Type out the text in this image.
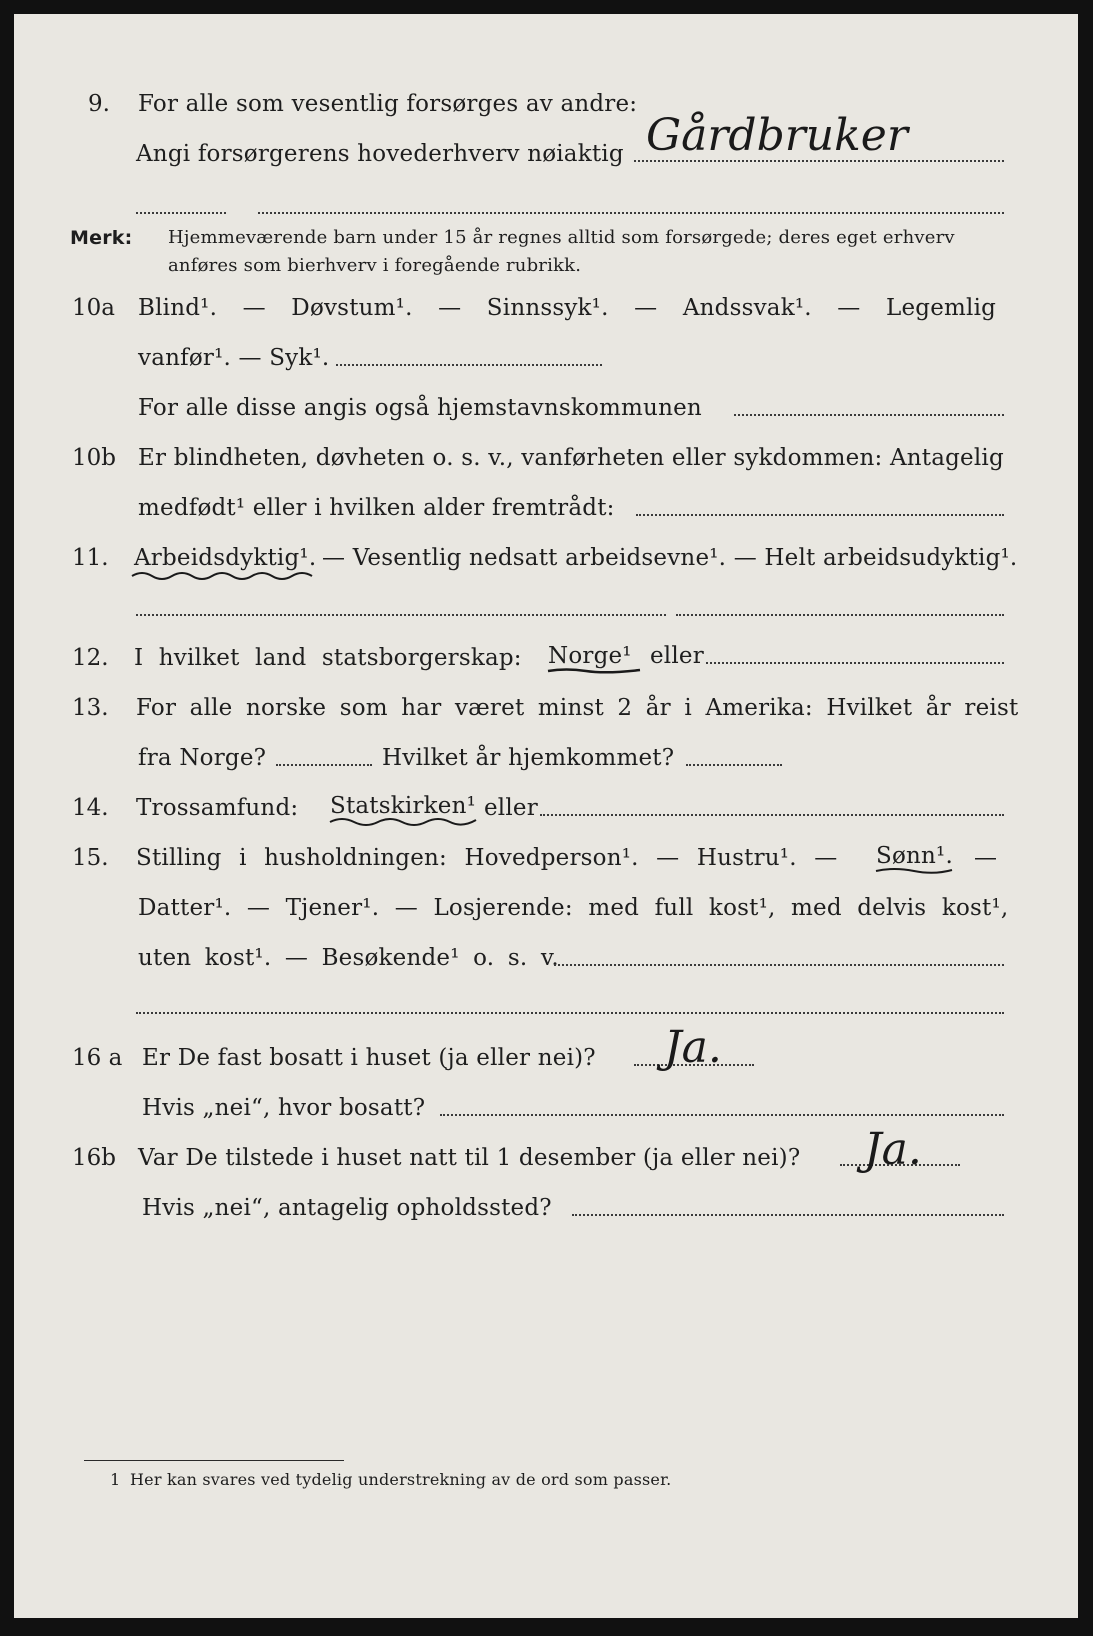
9. For alle som vesentlig forsørges av andre:
Angi forsørgerens hovederhverv nøiaktig Gårdbruker
Merk: Hjemmeværende barn under 15 år regnes alltid som forsørgede; deres eget erhverv
anføres som bierhverv i foregående rubrikk.
10a Blind¹. — Døvstum¹. — Sinnssyk¹. — Andssvak¹. — Legemlig
vanfør¹. — Syk¹.
For alle disse angis også hjemstavnskommunen
10b Er blindheten, døvheten o. s. v., vanførheten eller sykdommen: Antagelig
medfødt¹ eller i hvilken alder fremtrådt:
11. Arbeidsdyktig¹. — Vesentlig nedsatt arbeidsevne¹. — Helt arbeidsudyktig¹.
12. I hvilket land statsborgerskap: Norge¹ eller
13. For alle norske som har været minst 2 år i Amerika: Hvilket år reist
fra Norge?	Hvilket år hjemkommet?
14. Trossamfund: Statskirken¹ eller
15. Stilling i husholdningen: Hovedperson¹. — Hustru¹. — Sønn¹. —
Datter¹. — Tjener¹. — Losjerende: med full kost¹, med delvis kost¹,
uten kost¹. — Besøkende¹ o. s. v.
16 a Er De fast bosatt i huset (ja eller nei)? Ja.
Hvis „nei“, hvor bosatt?
16b Var De tilstede i huset natt til 1 desember (ja eller nei)? Ja.
Hvis „nei“, antagelig opholdssted?
1 Her kan svares ved tydelig understrekning av de ord som passer.
